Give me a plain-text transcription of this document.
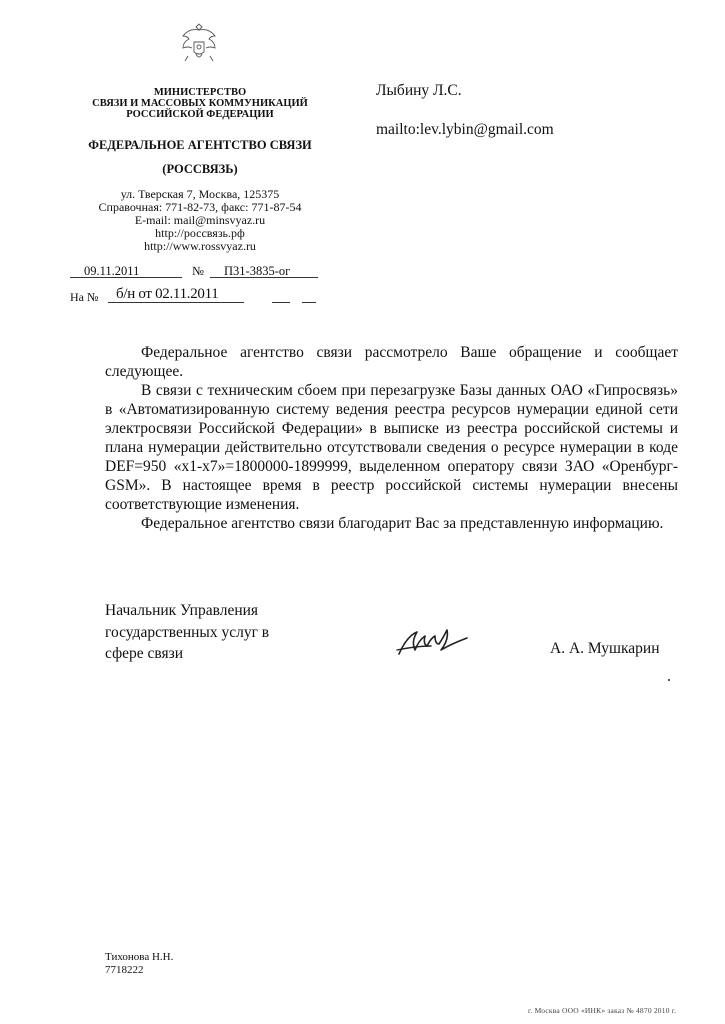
МИНИСТЕРСТВО
СВЯЗИ И МАССОВЫХ КОММУНИКАЦИЙ
РОССИЙСКОЙ ФЕДЕРАЦИИ
ФЕДЕРАЛЬНОЕ АГЕНТСТВО СВЯЗИ
(РОССВЯЗЬ)
ул. Тверская 7, Москва, 125375
Справочная: 771-82-73, факс: 771-87-54
E-mail: mail@minsvyaz.ru
http://россвязь.рф
http://www.rossvyaz.ru
09.11.2011	№ П31-3835-ог
На № б/н от 02.11.2011
Лыбину Л.С.
mailto:lev.lybin@gmail.com

Федеральное агентство связи рассмотрело Ваше обращение и сообщает следующее.

В связи с техническим сбоем при перезагрузке Базы данных ОАО «Гипросвязь» в «Автоматизированную систему ведения реестра ресурсов нумерации единой сети электросвязи Российской Федерации» в выписке из реестра российской системы и плана нумерации действительно отсутствовали сведения о ресурсе нумерации в коде DEF=950 «x1-x7»=1800000-1899999, выделенном оператору связи ЗАО «Оренбург-GSM». В настоящее время в реестр российской системы нумерации внесены соответствующие изменения.

Федеральное агентство связи благодарит Вас за представленную информацию.

Начальник Управления
государственных услуг в
сфере связи	А. А. Мушкарин
Тихонова Н.Н.
7718222
г. Москва ООО «ИНК» заказ № 4870 2010 г.
